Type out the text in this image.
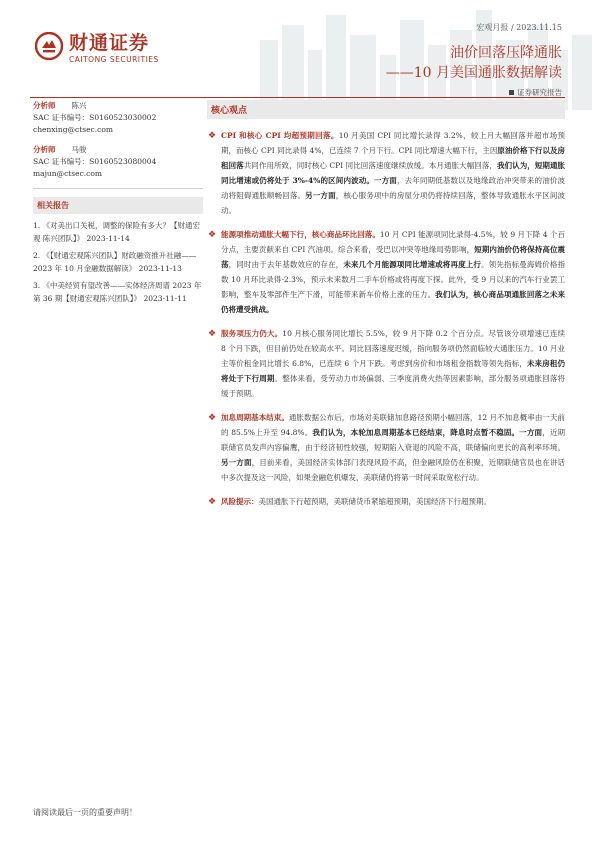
财通证券
CAITONG SECURITIES
宏观月报 / 2023.11.15
油价回落压降通胀
——10 月美国通胀数据解读
证券研究报告
分析师 陈兴
SAC 证书编号：S0160523030002
chenxing@ctsec.com
分析师 马骏
SAC 证书编号：S0160523080004
majun@ctsec.com
相关报告
1. 《对美出口关税，调整的保险有多大？【财通宏观 陈兴团队】》 2023-11-14
2. 《【财通宏观陈兴团队】财政融资推升社融——2023 年 10 月金融数据解读》 2023-11-13
3. 《中美经贸有望改善——实体经济周谱 2023 年第 36 期【财通宏观陈兴团队】》 2023-11-11
核心观点
❖ CPI 和核心 CPI 均超预期回落。10 月美国 CPI 同比增长录得 3.2%，较上月大幅回落并超市场预期，而核心 CPI 同比录得 4%，已连续 7 个月下行。CPI 同比增速大幅下行，主因原油价格下行以及房租回落共同作用所致，同时核心 CPI 同比回落速度继续放缓。本月通胀大幅回落，我们认为，短期通胀同比增速或仍将处于 3%-4%的区间内波动。一方面，去年同期低基数以及地缘政治冲突带来的油价波动将阻碍通胀顺畅回落。另一方面，核心服务项中的房屋分项仍将持续回落，整体导致通胀水平区间波动。
❖ 能源项推动通胀大幅下行，核心商品环比回落。10 月 CPI 能源项同比录得-4.5%，较 9 月下降 4 个百分点，主要贡献来自 CPI 汽油项。综合来看，受巴以冲突等地缘局势影响，短期内油价仍将保持高位震荡，同时由于去年基数效应的存在，未来几个月能源项同比增速或将再度上行。领先指标曼海姆价格指数 10 月环比录得-2.3%，预示未来数月二手车价格或将再度下探。此外，受 9 月以来的汽车行业罢工影响，整车及零部件生产下滑，可能带来新车价格上涨的压力。我们认为，核心商品项通胀回落之未来仍将遭受挑战。
❖ 服务项压力仍大。10 月核心服务同比增长 5.5%，较 9 月下降 0.2 个百分点。尽管该分项增速已连续 8 个月下跌，但目前仍处在较高水平。同比回落速度迟缓，指向服务项仍然面临较大通胀压力。10 月业主等价租金同比增长 6.8%，已连续 6 个月下跌。考虑到房价和市场租金指数等领先指标，未来房租仍将处于下行周期。整体来看，受劳动力市场偏弱、三季度消费火热等因素影响，部分服务项通胀回落将缓于预期。
❖ 加息周期基本结束。通胀数据公布后，市场对美联储加息路径预期小幅回落，12 月不加息概率由一天前的 85.5%上升至 94.8%。我们认为，本轮加息周期基本已经结束，降息时点暂不稳固。一方面，近期联储官员发声内容偏鹰，由于经济韧性较强，短期陷入衰退的风险不高，联储偏向更长的高利率环境。另一方面，目前来看，美国经济实体部门表现风险不高，但金融风险仍在积聚，近期联储官员也在讲话中多次提及这一风险，如果金融危机爆发，美联储仍将第一时间采取宽松行动。
❖ 风险提示：美国通胀下行超预期，美联储货币紧缩超预期，美国经济下行超预期。
请阅读最后一页的重要声明！
